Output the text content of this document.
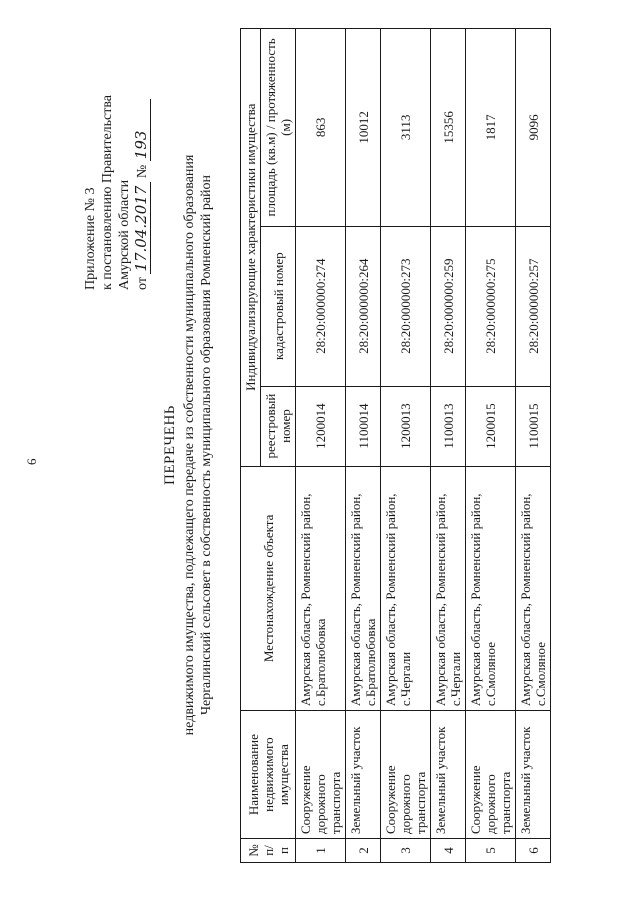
6
Приложение № 3 к постановлению Правительства Амурской области от 17.04.2017 № 193
ПЕРЕЧЕНЬ недвижимого имущества, подлежащего передаче из собственности муниципального образования Черrалинский сельсовет в собственность муниципального образования Ромненский район
№ п/п	Наименование недвижимого имущества	Местонахождение объекта	Индивидуализирующие характеристики имущества		
			реестровый номер	кадастровый номер	площадь (кв.м) / протяженность (м)
1	Сооружение дорожного транспорта	Амурская область, Ромненский район, с.Братолюбовка	1200014	28:20:000000:274	863
2	Земельный участок	Амурская область, Ромненский район, с.Братолюбовка	1100014	28:20:000000:264	10012
3	Сооружение дорожного транспорта	Амурская область, Ромненский район, с.Чергали	1200013	28:20:000000:273	3113
4	Земельный участок	Амурская область, Ромненский район, с.Чергали	1100013	28:20:000000:259	15356
5	Сооружение дорожного транспорта	Амурская область, Ромненский район, с.Смоляное	1200015	28:20:000000:275	1817
6	Земельный участок	Амурская область, Ромненский район, с.Смоляное	1100015	28:20:000000:257	9096
